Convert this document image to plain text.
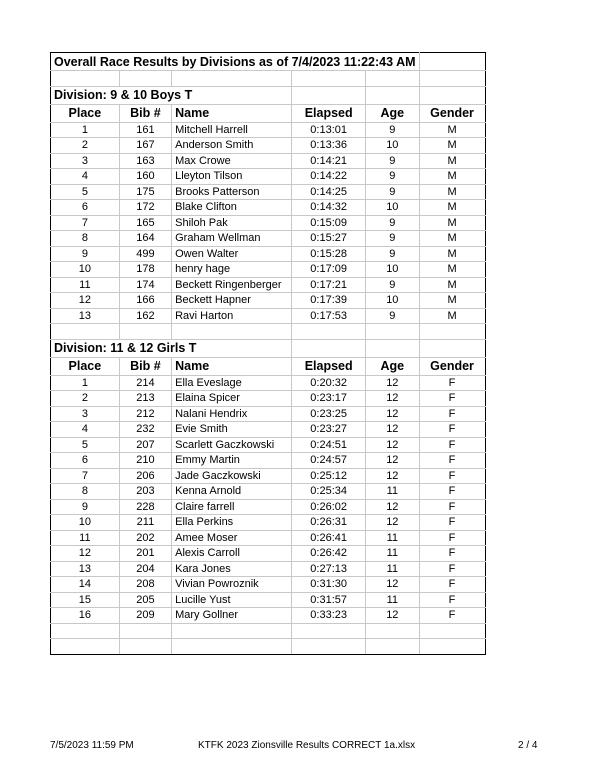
Overall Race Results by Divisions as of 7/4/2023 11:22:43 AM					

Division: 9 & 10 Boys T					
Place	Bib #	Name	Elapsed	Age	Gender
1	161	Mitchell Harrell	0:13:01	9	M
2	167	Anderson Smith	0:13:36	10	M
3	163	Max Crowe	0:14:21	9	M
4	160	Lleyton Tilson	0:14:22	9	M
5	175	Brooks Patterson	0:14:25	9	M
6	172	Blake Clifton	0:14:32	10	M
7	165	Shiloh Pak	0:15:09	9	M
8	164	Graham Wellman	0:15:27	9	M
9	499	Owen Walter	0:15:28	9	M
10	178	henry hage	0:17:09	10	M
11	174	Beckett Ringenberger	0:17:21	9	M
12	166	Beckett Hapner	0:17:39	10	M
13	162	Ravi Harton	0:17:53	9	M

Division: 11 & 12 Girls T					
Place	Bib #	Name	Elapsed	Age	Gender
1	214	Ella Eveslage	0:20:32	12	F
2	213	Elaina Spicer	0:23:17	12	F
3	212	Nalani Hendrix	0:23:25	12	F
4	232	Evie Smith	0:23:27	12	F
5	207	Scarlett Gaczkowski	0:24:51	12	F
6	210	Emmy Martin	0:24:57	12	F
7	206	Jade Gaczkowski	0:25:12	12	F
8	203	Kenna Arnold	0:25:34	11	F
9	228	Claire farrell	0:26:02	12	F
10	211	Ella Perkins	0:26:31	12	F
11	202	Amee Moser	0:26:41	11	F
12	201	Alexis Carroll	0:26:42	11	F
13	204	Kara Jones	0:27:13	11	F
14	208	Vivian Powroznik	0:31:30	12	F
15	205	Lucille Yust	0:31:57	11	F
16	209	Mary Gollner	0:33:23	12	F

7/5/2023 11:59 PM	KTFK 2023 Zionsville Results CORRECT 1a.xlsx	2 / 4
